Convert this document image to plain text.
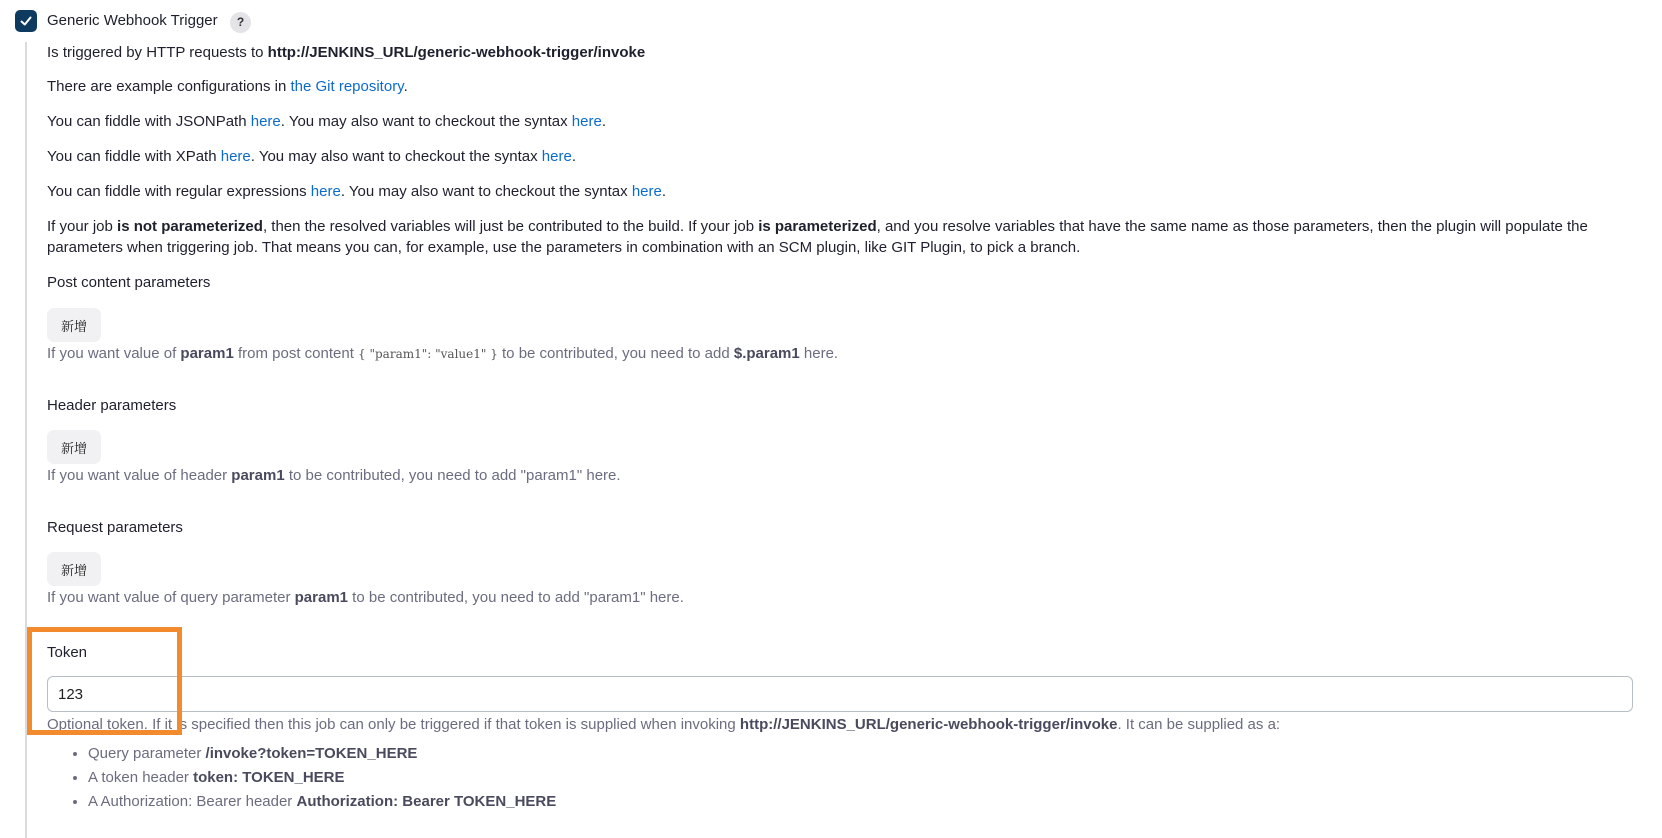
Generic Webhook Trigger	?
Is triggered by HTTP requests to http://JENKINS_URL/generic-webhook-trigger/invoke
There are example configurations in the Git repository.
You can fiddle with JSONPath here. You may also want to checkout the syntax here.
You can fiddle with XPath here. You may also want to checkout the syntax here.
You can fiddle with regular expressions here. You may also want to checkout the syntax here.
If your job is not parameterized, then the resolved variables will just be contributed to the build. If your job is parameterized, and you resolve variables that have the same name as those parameters, then the plugin will populate the
parameters when triggering job. That means you can, for example, use the parameters in combination with an SCM plugin, like GIT Plugin, to pick a branch.
Post content parameters
新增
If you want value of param1 from post content { "param1": "value1" } to be contributed, you need to add $.param1 here.
Header parameters
新增
If you want value of header param1 to be contributed, you need to add "param1" here.
Request parameters
新增
If you want value of query parameter param1 to be contributed, you need to add "param1" here.
Token
123
Optional token. If it is specified then this job can only be triggered if that token is supplied when invoking http://JENKINS_URL/generic-webhook-trigger/invoke. It can be supplied as a:
• Query parameter /invoke?token=TOKEN_HERE
• A token header token: TOKEN_HERE
• A Authorization: Bearer header Authorization: Bearer TOKEN_HERE
